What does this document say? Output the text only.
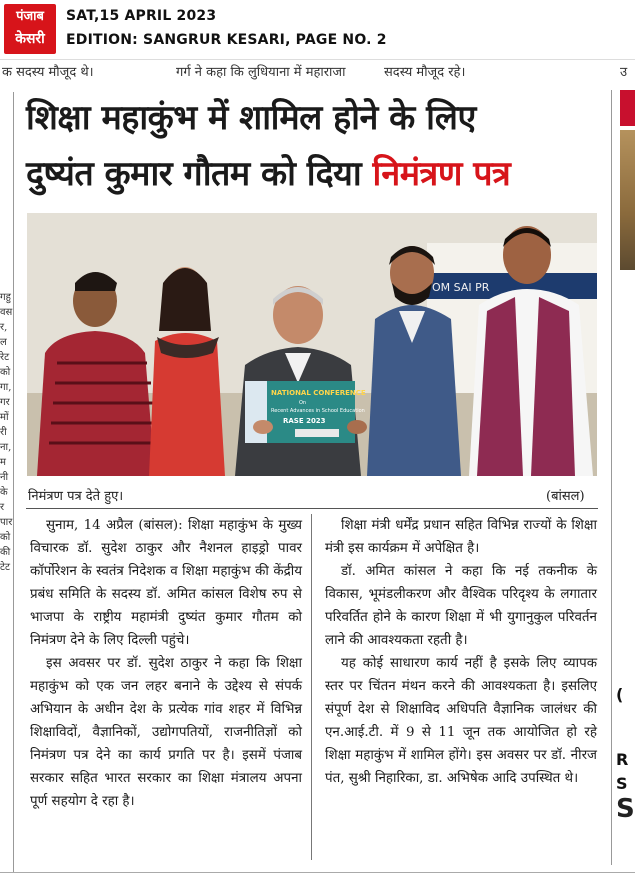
पंजाब
केसरी
SAT,15 APRIL 2023
EDITION: SANGRUR KESARI, PAGE NO. 2
क सदस्य मौजूद थे।	गर्ग ने कहा कि लुधियाना में महाराजा	सदस्य मौजूद रहे।	उ
गहु
वस
र,
ल
रेट
को
गा,
गर
मों
री
ना,
म
नी
के
र
पार
को
की
टेट
(
R
S
S
शिक्षा महाकुंभ में शामिल होने के लिए
दुष्यंत कुमार गौतम को दिया निमंत्रण पत्र
OM SAI PR
NATIONAL CONFERENCE
On
Recent Advances in School Education
RASE 2023
निमंत्रण पत्र देते हुए।	(बांसल)

सुनाम, 14 अप्रैल (बांसल): शिक्षा महाकुंभ के मुख्य विचारक डॉ. सुदेश ठाकुर और नैशनल हाइड्रो पावर कॉर्पोरेशन के स्वतंत्र निदेशक व शिक्षा महाकुंभ की केंद्रीय प्रबंध समिति के सदस्य डॉ. अमित कांसल विशेष रुप से भाजपा के राष्ट्रीय महामंत्री दुष्यंत कुमार गौतम को निमंत्रण देने के लिए दिल्ली पहुंचे।

इस अवसर पर डॉ. सुदेश ठाकुर ने कहा कि शिक्षा महाकुंभ को एक जन लहर बनाने के उद्देश्य से संपर्क अभियान के अधीन देश के प्रत्येक गांव शहर में विभिन्न शिक्षाविदों, वैज्ञानिकों, उद्योगपतियों, राजनीतिज्ञों को निमंत्रण पत्र देने का कार्य प्रगति पर है। इसमें पंजाब सरकार सहित भारत सरकार का शिक्षा मंत्रालय अपना पूर्ण सहयोग दे रहा है।

शिक्षा मंत्री धर्मेंद्र प्रधान सहित विभिन्न राज्यों के शिक्षा मंत्री इस कार्यक्रम में अपेक्षित है।

डॉ. अमित कांसल ने कहा कि नई तकनीक के विकास, भूमंडलीकरण और वैश्विक परिदृश्य के लगातार परिवर्तित होने के कारण शिक्षा में भी युगानुकुल परिवर्तन लाने की आवश्यकता रहती है।

यह कोई साधारण कार्य नहीं है इसके लिए व्यापक स्तर पर चिंतन मंथन करने की आवश्यकता है। इसलिए संपूर्ण देश से शिक्षाविद अधिपति वैज्ञानिक जालंधर की एन.आई.टी. में 9 से 11 जून तक आयोजित हो रहे शिक्षा महाकुंभ में शामिल होंगे। इस अवसर पर डॉ. नीरज पंत, सुश्री निहारिका, डा. अभिषेक आदि उपस्थित थे।
